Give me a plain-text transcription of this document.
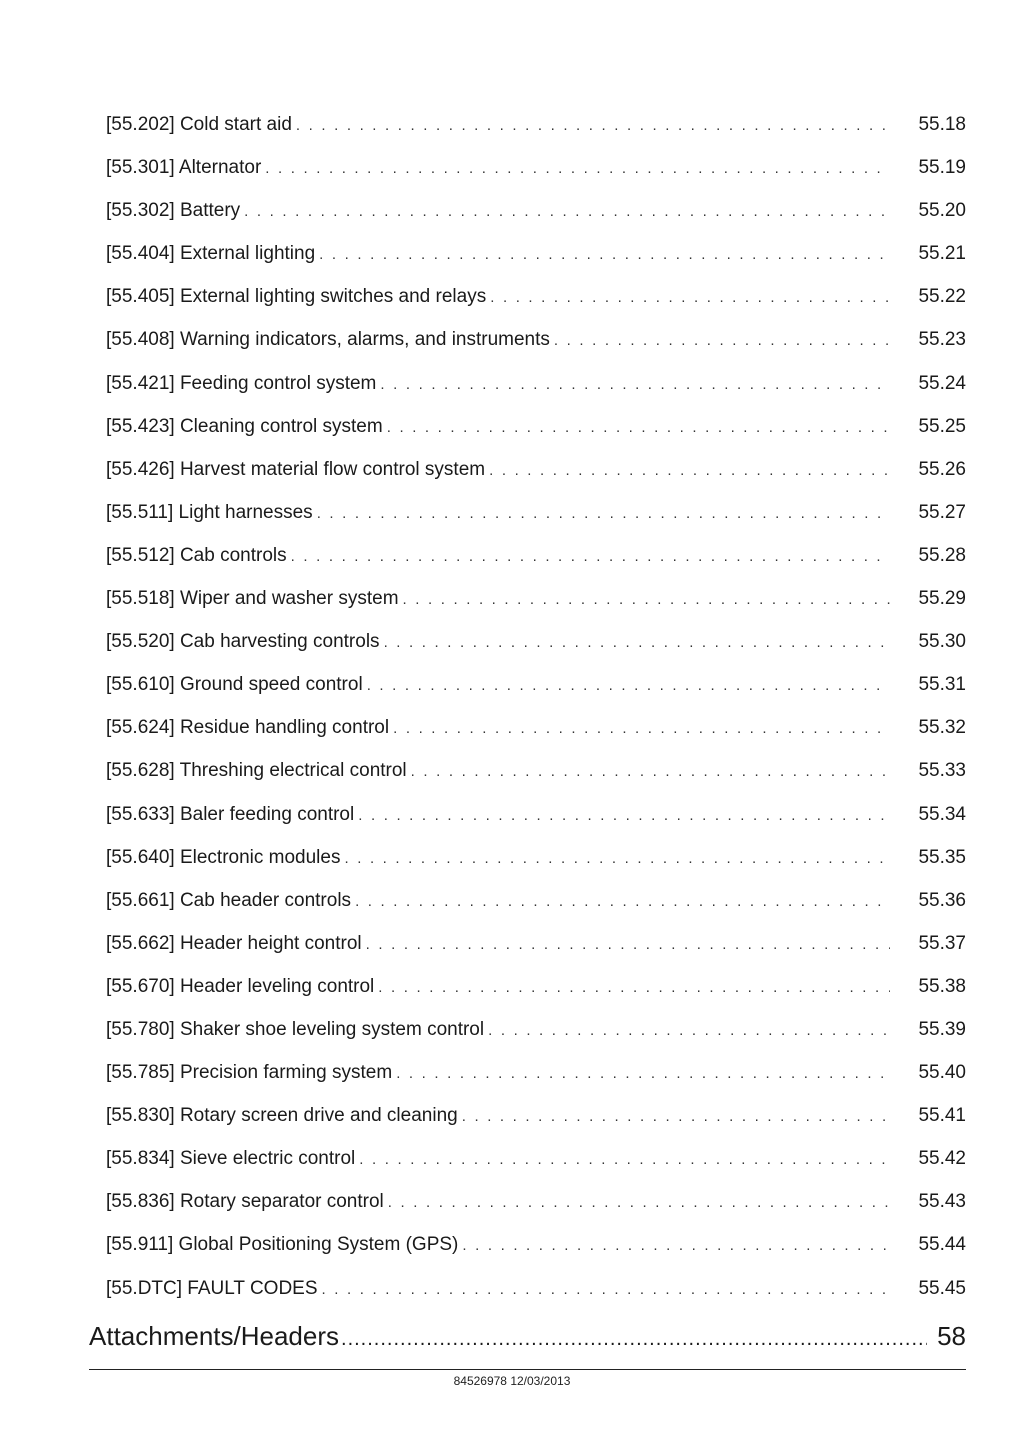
[55.202] Cold start aid . . .	55.18
[55.301] Alternator . . .	55.19
[55.302] Battery . . .	55.20
[55.404] External lighting . . .	55.21
[55.405] External lighting switches and relays . . .	55.22
[55.408] Warning indicators, alarms, and instruments . . .	55.23
[55.421] Feeding control system . . .	55.24
[55.423] Cleaning control system . . .	55.25
[55.426] Harvest material flow control system . . .	55.26
[55.511] Light harnesses . . .	55.27
[55.512] Cab controls . . .	55.28
[55.518] Wiper and washer system . . .	55.29
[55.520] Cab harvesting controls . . .	55.30
[55.610] Ground speed control . . .	55.31
[55.624] Residue handling control . . .	55.32
[55.628] Threshing electrical control . . .	55.33
[55.633] Baler feeding control . . .	55.34
[55.640] Electronic modules . . .	55.35
[55.661] Cab header controls . . .	55.36
[55.662] Header height control . . .	55.37
[55.670] Header leveling control . . .	55.38
[55.780] Shaker shoe leveling system control . . .	55.39
[55.785] Precision farming system . . .	55.40
[55.830] Rotary screen drive and cleaning . . .	55.41
[55.834] Sieve electric control . . .	55.42
[55.836] Rotary separator control . . .	55.43
[55.911] Global Positioning System (GPS) . . .	55.44
[55.DTC] FAULT CODES . . .	55.45
Attachments/Headers .....	58
84526978 12/03/2013
